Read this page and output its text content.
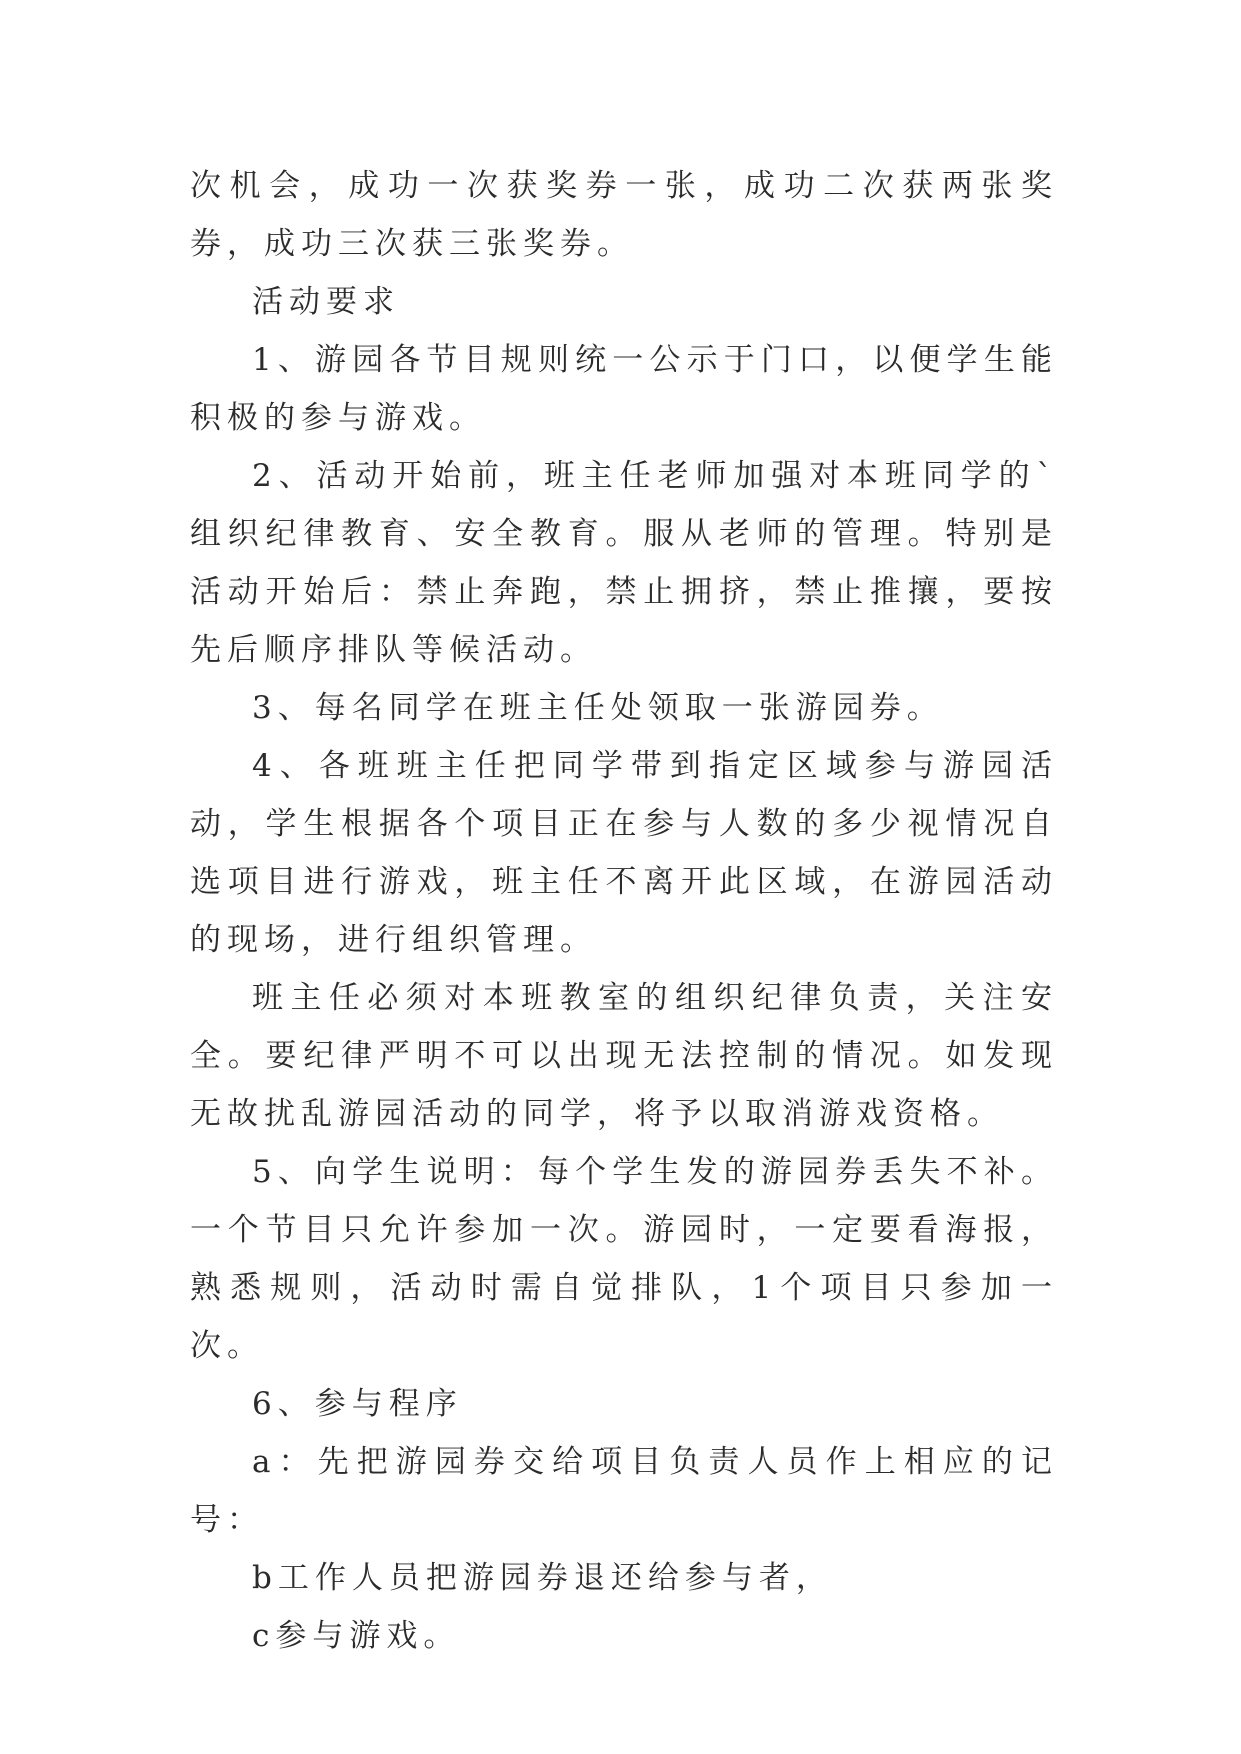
次机会，成功一次获奖券一张，成功二次获两张奖券，成功三次获三张奖券。

活动要求

1、游园各节目规则统一公示于门口，以便学生能积极的参与游戏。

2、活动开始前，班主任老师加强对本班同学的`组织纪律教育、安全教育。服从老师的管理。特别是活动开始后：禁止奔跑，禁止拥挤，禁止推攘，要按先后顺序排队等候活动。

3、每名同学在班主任处领取一张游园券。

4、各班班主任把同学带到指定区域参与游园活动，学生根据各个项目正在参与人数的多少视情况自选项目进行游戏，班主任不离开此区域，在游园活动的现场，进行组织管理。

班主任必须对本班教室的组织纪律负责，关注安全。要纪律严明不可以出现无法控制的情况。如发现无故扰乱游园活动的同学，将予以取消游戏资格。

5、向学生说明：每个学生发的游园券丢失不补。一个节目只允许参加一次。游园时，一定要看海报，熟悉规则，活动时需自觉排队，1个项目只参加一次。

6、参与程序

a：先把游园券交给项目负责人员作上相应的记号：

b工作人员把游园券退还给参与者，

c参与游戏。
